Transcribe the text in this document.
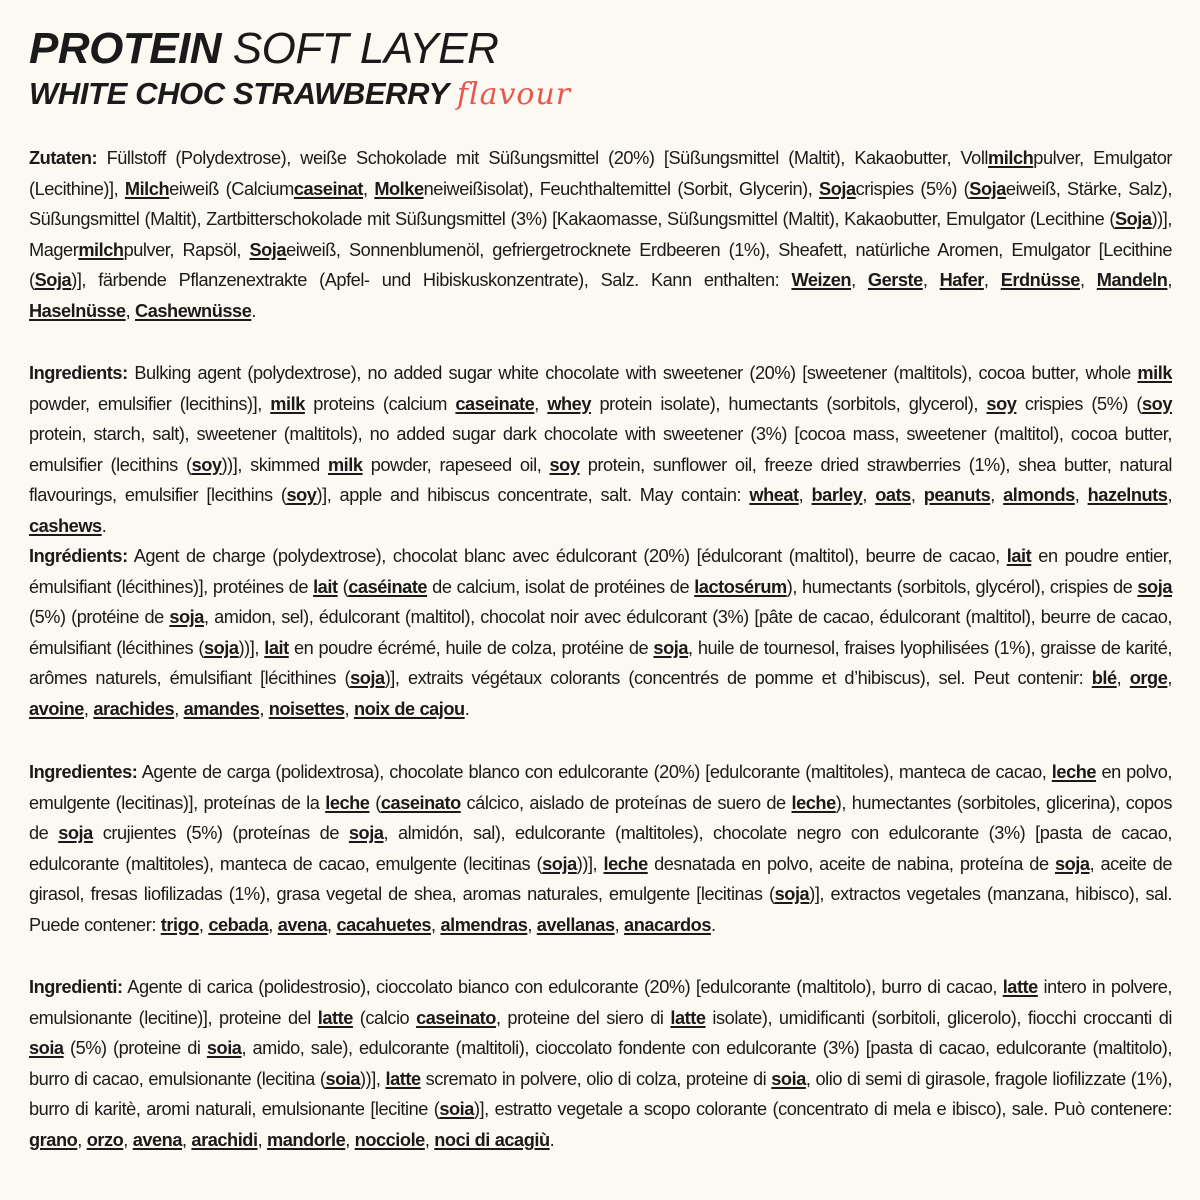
PROTEIN SOFT LAYER
WHITE CHOC STRAWBERRY flavour

Zutaten: Füllstoff (Polydextrose), weiße Schokolade mit Süßungsmittel (20%) [Süßungsmittel (Maltit), Kakaobutter, Vollmilchpulver, Emulgator (Lecithine)], Milcheiweiß (Calciumcaseinat, Molkeneiweißisolat), Feuchthaltemittel (Sorbit, Glycerin), Sojacrispies (5%) (Sojaeiweiß, Stärke, Salz), Süßungsmittel (Maltit), Zartbitterschokolade mit Süßungsmittel (3%) [Kakaomasse, Süßungsmittel (Maltit), Kakaobutter, Emulgator (Lecithine (Soja))], Magermilchpulver, Rapsöl, Sojaeiweiß, Sonnenblumenöl, gefriergetrocknete Erdbeeren (1%), Sheafett, natürliche Aromen, Emulgator [Lecithine (Soja)], färbende Pflanzenextrakte (Apfel- und Hibiskuskonzentrate), Salz. Kann enthalten: Weizen, Gerste, Hafer, Erdnüsse, Mandeln, Haselnüsse, Cashewnüsse.

Ingredients: Bulking agent (polydextrose), no added sugar white chocolate with sweetener (20%) [sweetener (maltitols), cocoa butter, whole milk powder, emulsifier (lecithins)], milk proteins (calcium caseinate, whey protein isolate), humectants (sorbitols, glycerol), soy crispies (5%) (soy protein, starch, salt), sweetener (maltitols), no added sugar dark chocolate with sweetener (3%) [cocoa mass, sweetener (maltitol), cocoa butter, emulsifier (lecithins (soy))], skimmed milk powder, rapeseed oil, soy protein, sunflower oil, freeze dried strawberries (1%), shea butter, natural flavourings, emulsifier [lecithins (soy)], apple and hibiscus concentrate, salt. May contain: wheat, barley, oats, peanuts, almonds, hazelnuts, cashews.

Ingrédients: Agent de charge (polydextrose), chocolat blanc avec édulcorant (20%) [édulcorant (maltitol), beurre de cacao, lait en poudre entier, émulsifiant (lécithines)], protéines de lait (caséinate de calcium, isolat de protéines de lactosérum), humectants (sorbitols, glycérol), crispies de soja (5%) (protéine de soja, amidon, sel), édulcorant (maltitol), chocolat noir avec édulcorant (3%) [pâte de cacao, édulcorant (maltitol), beurre de cacao, émulsifiant (lécithines (soja))], lait en poudre écrémé, huile de colza, protéine de soja, huile de tournesol, fraises lyophilisées (1%), graisse de karité, arômes naturels, émulsifiant [lécithines (soja)], extraits végétaux colorants (concentrés de pomme et d’hibiscus), sel. Peut contenir: blé, orge, avoine, arachides, amandes, noisettes, noix de cajou.

Ingredientes: Agente de carga (polidextrosa), chocolate blanco con edulcorante (20%) [edulcorante (maltitoles), manteca de cacao, leche en polvo, emulgente (lecitinas)], proteínas de la leche (caseinato cálcico, aislado de proteínas de suero de leche), humectantes (sorbitoles, glicerina), copos de soja crujientes (5%) (proteínas de soja, almidón, sal), edulcorante (maltitoles), chocolate negro con edulcorante (3%) [pasta de cacao, edulcorante (maltitoles), manteca de cacao, emulgente (lecitinas (soja))], leche desnatada en polvo, aceite de nabina, proteína de soja, aceite de girasol, fresas liofilizadas (1%), grasa vegetal de shea, aromas naturales, emulgente [lecitinas (soja)], extractos vegetales (manzana, hibisco), sal. Puede contener: trigo, cebada, avena, cacahuetes, almendras, avellanas, anacardos.

Ingredienti: Agente di carica (polidestrosio), cioccolato bianco con edulcorante (20%) [edulcorante (maltitolo), burro di cacao, latte intero in polvere, emulsionante (lecitine)], proteine del latte (calcio caseinato, proteine del siero di latte isolate), umidificanti (sorbitoli, glicerolo), fiocchi croccanti di soia (5%) (proteine di soia, amido, sale), edulcorante (maltitoli), cioccolato fondente con edulcorante (3%) [pasta di cacao, edulcorante (maltitolo), burro di cacao, emulsionante (lecitina (soia))], latte scremato in polvere, olio di colza, proteine di soia, olio di semi di girasole, fragole liofilizzate (1%), burro di karitè, aromi naturali, emulsionante [lecitine (soia)], estratto vegetale a scopo colorante (concentrato di mela e ibisco), sale. Può contenere: grano, orzo, avena, arachidi, mandorle, nocciole, noci di acagiù.
